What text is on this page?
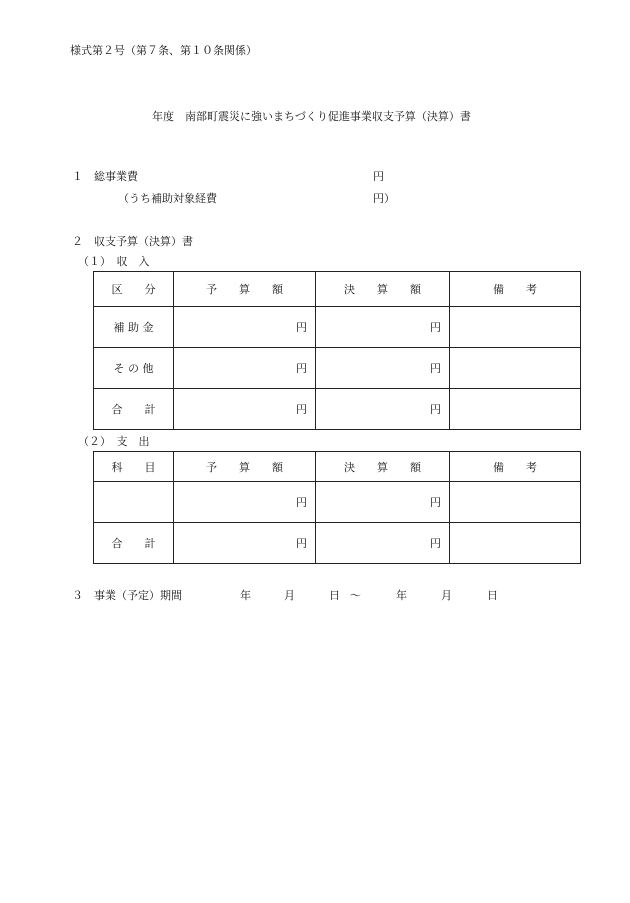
様式第２号（第７条、第１０条関係）
年度　南部町震災に強いまちづくり促進事業収支予算（決算）書
１ 総事業費	円
（うち補助対象経費	円）
２ 収支予算（決算）書
（１）　収　入
区　　分	予　　算　　額	決　　算　　額	備　　考
補 助 金	円	円	
そ の 他	円	円	
合　　計	円	円	
（２）　支　出
科　　目	予　　算　　額	決　　算　　額	備　　考
	円	円	
合　　計	円	円	
３ 事業（予定）期間	年	月	日 ～	年	月	日
